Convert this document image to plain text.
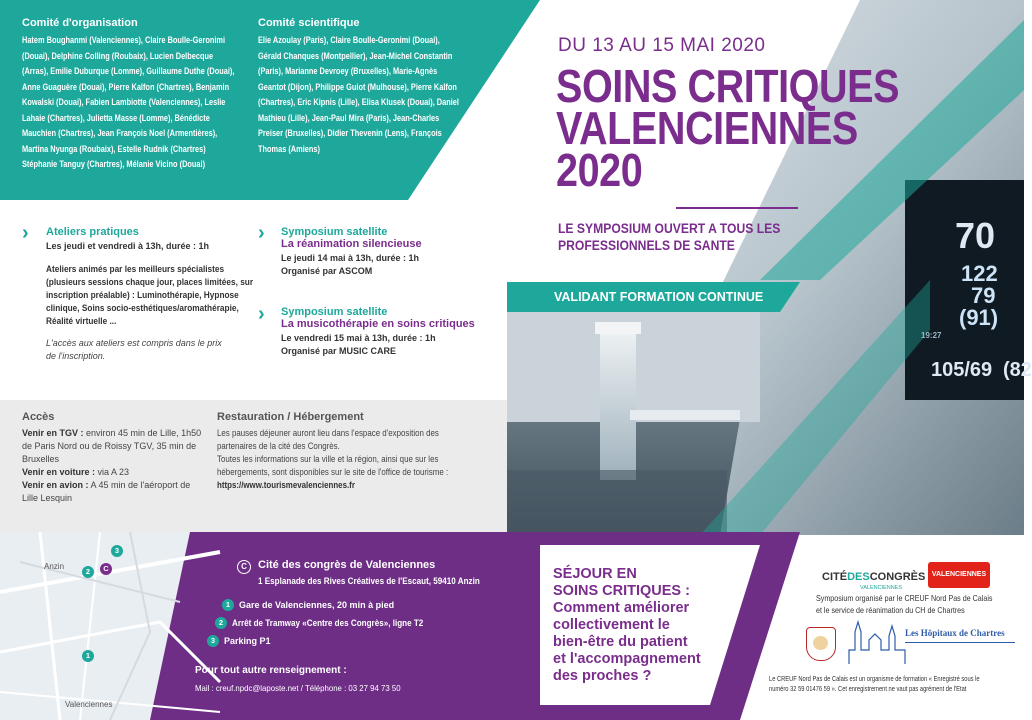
Anzin
Valenciennes
3
2	C
1
Comité d'organisation
Hatem Boughanmi (Valenciennes), Claire Boulle-Geronimi
(Douai), Delphine Colling (Roubaix), Lucien Delbecque
(Arras), Emilie Duburque (Lomme), Guillaume Duthe (Douai),
Anne Guaguère (Douai), Pierre Kalfon (Chartres), Benjamin
Kowalski (Douai), Fabien Lambiotte (Valenciennes), Leslie
Lahaie (Chartres), Julietta Masse (Lomme), Bénédicte
Mauchien (Chartres), Jean François Noel (Armentières),
Martina Nyunga (Roubaix), Estelle Rudnik (Chartres)
Stéphanie Tanguy (Chartres), Mélanie Vicino (Douai)
Comité scientifique
Elie Azoulay (Paris), Claire Boulle-Geronimi (Douai),
Gérald Chanques (Montpellier), Jean-Michel Constantin
(Paris), Marianne Devroey (Bruxelles), Marie-Agnès
Geantot (Dijon), Philippe Guiot (Mulhouse), Pierre Kalfon
(Chartres), Eric Kipnis (Lille), Elisa Klusek (Douai), Daniel
Mathieu (Lille), Jean-Paul Mira (Paris), Jean-Charles
Preiser (Bruxelles), Didier Thevenin (Lens), François
Thomas (Amiens)
DU 13 AU 15 MAI 2020
SOINS CRITIQUES
VALENCIENNES
2020
LE SYMPOSIUM OUVERT A TOUS LES
PROFESSIONNELS DE SANTE
VALIDANT FORMATION CONTINUE
70
122
79
(91)
19:27
105/69 (82
› Ateliers pratiques
Les jeudi et vendredi à 13h, durée : 1h
Ateliers animés par les meilleurs spécialistes
(plusieurs sessions chaque jour, places limitées, sur
inscription préalable) : Luminothérapie, Hypnose
clinique, Soins socio-esthétiques/aromathérapie,
Réalité virtuelle ...
L'accès aux ateliers est compris dans le prix
de l'inscription.
› Symposium satellite
La réanimation silencieuse
Le jeudi 14 mai à 13h, durée : 1h
Organisé par ASCOM
› Symposium satellite
La musicothérapie en soins critiques
Le vendredi 15 mai à 13h, durée : 1h
Organisé par MUSIC CARE
Accès
Venir en TGV : environ 45 min de Lille, 1h50
de Paris Nord ou de Roissy TGV, 35 min de
Bruxelles
Venir en voiture : via A 23
Venir en avion : A 45 min de l'aéroport de
Lille Lesquin
Restauration / Hébergement
Les pauses déjeuner auront lieu dans l'espace d'exposition des
partenaires de la cité des Congrès.
Toutes les informations sur la ville et la région, ainsi que sur les
hébergements, sont disponibles sur le site de l'office de tourisme :
https://www.tourismevalenciennes.fr
C	Cité des congrès de Valenciennes
1 Esplanade des Rives Créatives de l'Escaut, 59410 Anzin
1 Gare de Valenciennes, 20 min à pied
2 Arrêt de Tramway «Centre des Congrès», ligne T2
3 Parking P1
Pour tout autre renseignement :
Mail : creuf.npdc@laposte.net / Téléphone : 03 27 94 73 50
SÉJOUR EN
SOINS CRITIQUES :
Comment améliorer
collectivement le
bien-être du patient
et l'accompagnement
des proches ?
CITÉDESCONGRÈS
VALENCIENNES
VALENCIENNES
Symposium organisé par le CREUF Nord Pas de Calais
et le service de réanimation du CH de Chartres
Les Hôpitaux de Chartres
Le CREUF Nord Pas de Calais est un organisme de formation « Enregistré sous le
numéro 32 59 01476 59 ». Cet enregistrement ne vaut pas agrément de l'Etat
